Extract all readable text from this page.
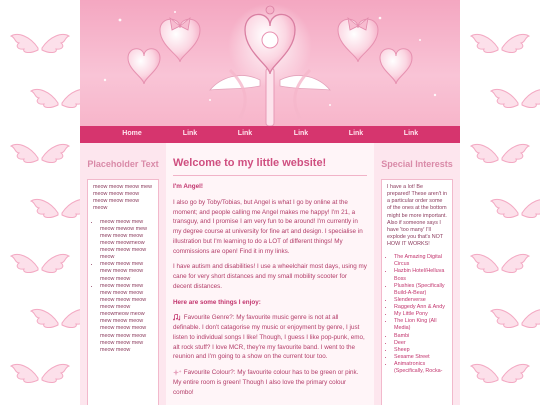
Home	Link	Link	Link	Link	Link
Placeholder Text
meow meow meow mew meow meow meow meow meow meow meow
• meow meow mew meow mewow mew mew meow meow meow meowmeow meow meow meow meow
• meow meow mew mew meow meow meow meow
• meow meow mew mew meow meow meow meow meow meow meow meowmeow meow mew meow meow meow meow meow meow meow meow meow meow mew meow meow
Welcome to my little website!

I'm Angel!

I also go by Toby/Tobias, but Angel is what I go by online at the moment; and people calling me Angel makes me happy! I'm 21, a transguy, and I promise I am very fun to be around! I'm currently in my degree course at university for fine art and design. I specialise in illustration but I'm learning to do a LOT of different things! My commissions are open! Find it in my links.

I have autism and disabilities! I use a wheelchair most days, using my cane for very short distances and my small mobility scooter for decent distances.

Here are some things I enjoy:

Favourite Genre?: My favourite music genre is not at all definable. I don't catagorise my music or enjoyment by genre, I just listen to individual songs I like! Though, I guess I like pop-punk, emo, alt rock stuff? I love MCR, they're my favourite band. I went to the reunion and I'm going to a show on the current tour too.

Favourite Colour?: My favourite colour has to be green or pink. My entire room is green! Though I also love the primary colour combo!

Special Interests
I have a lot! Be prepared! These aren't in a particular order some of the ones at the bottom might be more important. Also if someone says I have 'too many' I'll explode you that's NOT HOW IT WORKS!
• The Amazing Digital Circus
• Hazbin Hotel/Helluva Boss
• Plushies (Specifically Build-A-Bear)
• Slenderverse
• Raggedy Ann & Andy
• My Little Pony
• The Lion King (All Media)
• Bambi
• Deer
• Sheep
• Sesame Street
• Animatronics (Specifically, Rocka-
